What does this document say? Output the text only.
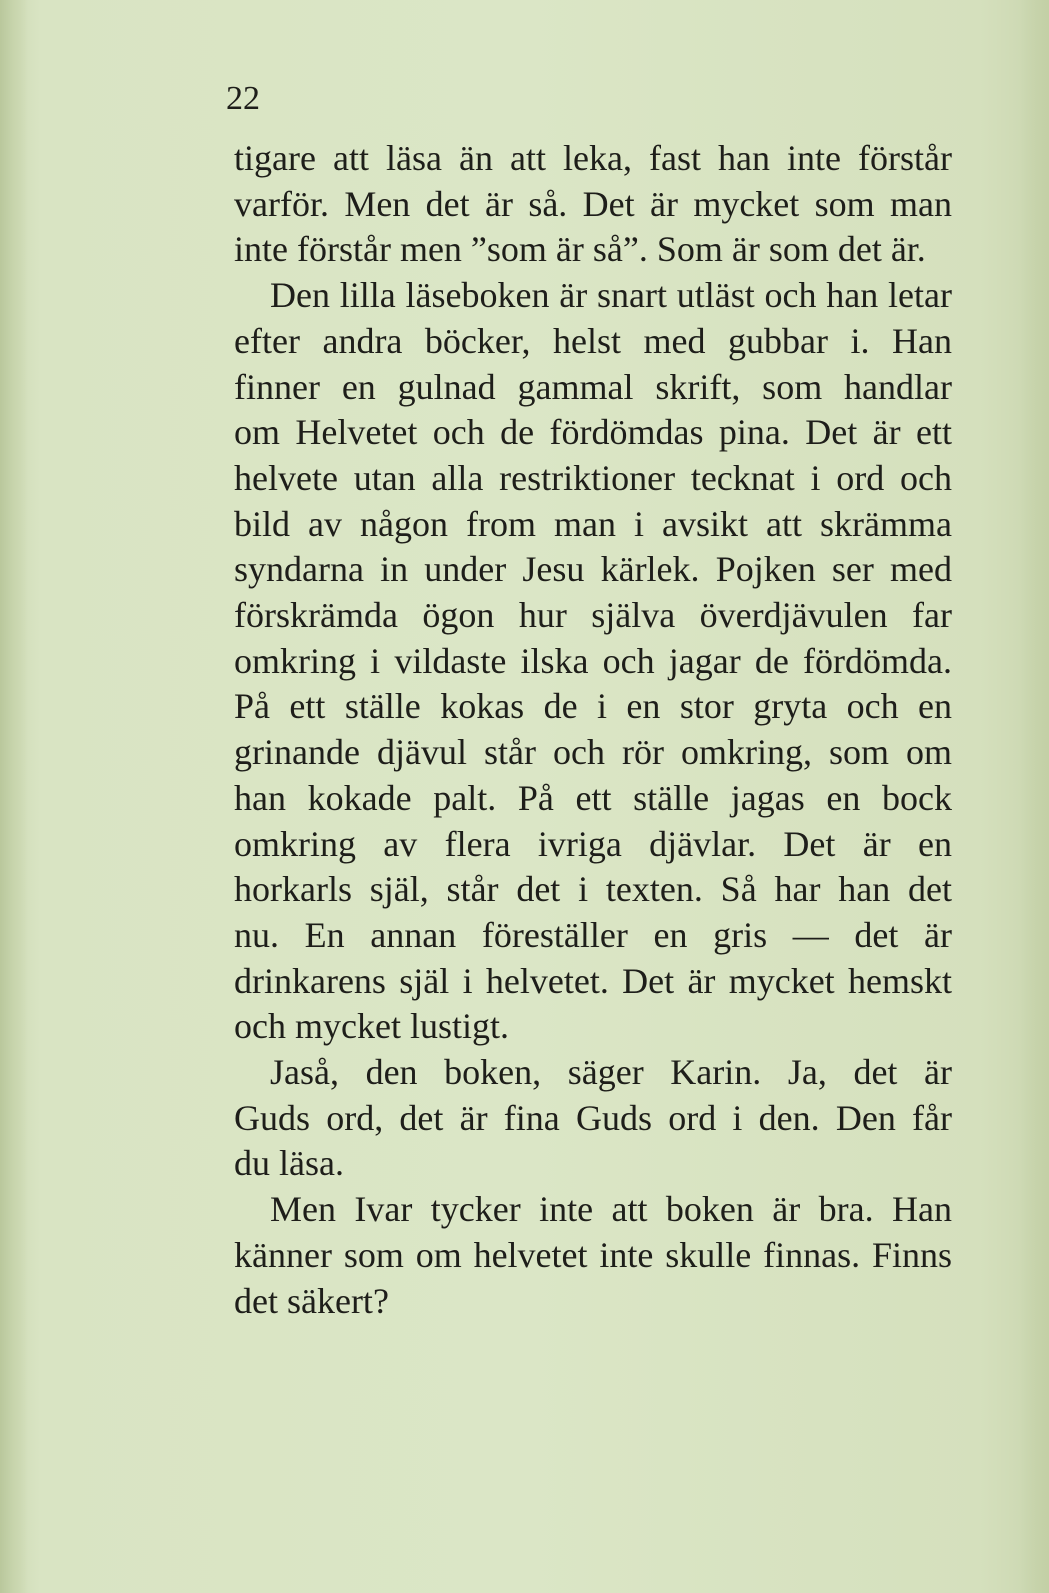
22
tigare att läsa än att leka, fast han inte förstår
varför. Men det är så. Det är mycket som man
inte förstår men ”som är så”. Som är som det är.
Den lilla läseboken är snart utläst och han letar
efter andra böcker, helst med gubbar i. Han
finner en gulnad gammal skrift, som handlar
om Helvetet och de fördömdas pina. Det är ett
helvete utan alla restriktioner tecknat i ord och
bild av någon from man i avsikt att skrämma
syndarna in under Jesu kärlek. Pojken ser med
förskrämda ögon hur själva överdjävulen far
omkring i vildaste ilska och jagar de fördömda.
På ett ställe kokas de i en stor gryta och en
grinande djävul står och rör omkring, som om
han kokade palt. På ett ställe jagas en bock
omkring av flera ivriga djävlar. Det är en
horkarls själ, står det i texten. Så har han det
nu. En annan föreställer en gris — det är
drinkarens själ i helvetet. Det är mycket hemskt
och mycket lustigt.
Jaså, den boken, säger Karin. Ja, det är
Guds ord, det är fina Guds ord i den. Den får
du läsa.
Men Ivar tycker inte att boken är bra. Han
känner som om helvetet inte skulle finnas. Finns
det säkert?
